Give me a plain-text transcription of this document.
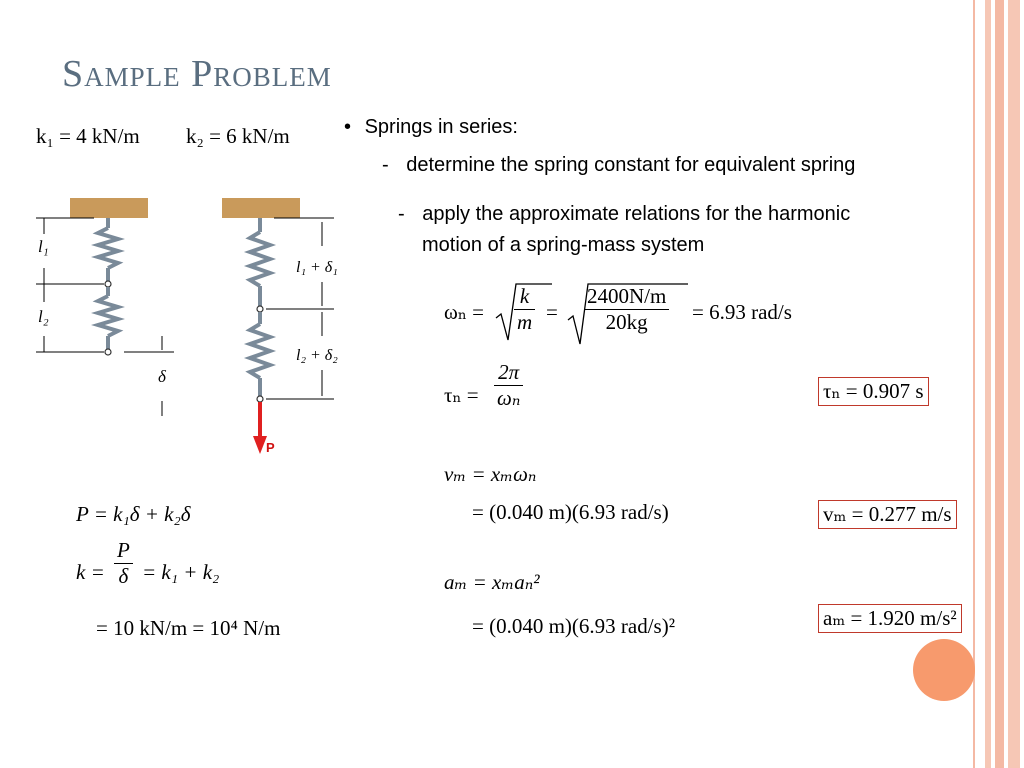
Sample Problem
k₁ = 4 kN/m k₂ = 6 kN/m
l₁
l₂
P
l₁ + δ₁
l₂ + δ₂
δ
• Springs in series:
- determine the spring constant for equivalent spring
- apply the approximate relations for the harmonic
motion of a spring-mass system
$\omega_n = \frac{k}{m} = \frac{2400N/m}{20kg} = 6.93$ rad/s
$\tau_n = \frac{2\pi}{\text{ωₙ}}$	τₙ = 0.907 s
vₘ = xₘωₙ
= (0.040 m)(6.93 rad/s)	vₘ = 0.277 m/s
aₘ = xₘaₙ²
= (0.040 m)(6.93 rad/s)²	aₘ = 1.920 m/s²
P = k₁δ + k₂δ
$k = \frac{P}{\delta} = k_1 + k_2$
= 10 kN/m = 10⁴ N/m
